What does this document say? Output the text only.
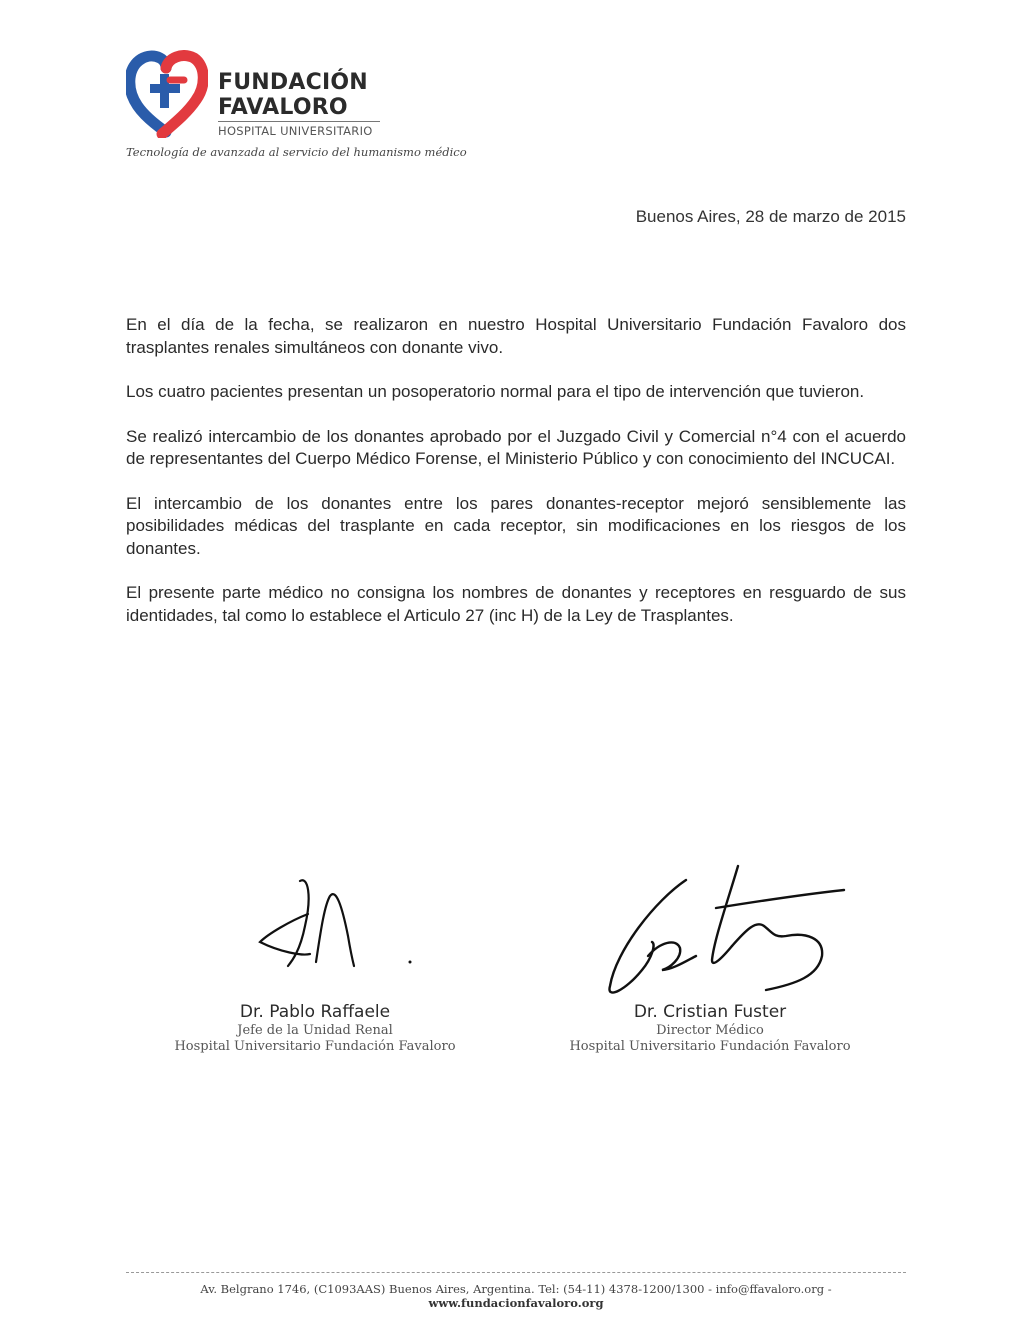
FUNDACIÓN
FAVALORO
HOSPITAL UNIVERSITARIO
Tecnología de avanzada al servicio del humanismo médico
Buenos Aires, 28 de marzo de 2015

En el día de la fecha, se realizaron en nuestro Hospital Universitario Fundación Favaloro dos trasplantes renales simultáneos con donante vivo.

Los cuatro pacientes presentan un posoperatorio normal para el tipo de intervención que tuvieron.

Se realizó intercambio de los donantes aprobado por el Juzgado Civil y Comercial n°4 con el acuerdo de representantes del Cuerpo Médico Forense, el Ministerio Público y con conocimiento del INCUCAI.

El intercambio de los donantes entre los pares donantes-receptor mejoró sensiblemente las posibilidades médicas del trasplante en cada receptor, sin modificaciones en los riesgos de los donantes.

El presente parte médico no consigna los nombres de donantes y receptores en resguardo de sus identidades, tal como lo establece el Articulo 27 (inc H) de la Ley de Trasplantes.

Dr. Pablo Raffaele
Jefe de la Unidad Renal
Hospital Universitario Fundación Favaloro
Dr. Cristian Fuster
Director Médico
Hospital Universitario Fundación Favaloro
Av. Belgrano 1746, (C1093AAS) Buenos Aires, Argentina. Tel: (54-11) 4378-1200/1300 - info@ffavaloro.org - www.fundacionfavaloro.org
